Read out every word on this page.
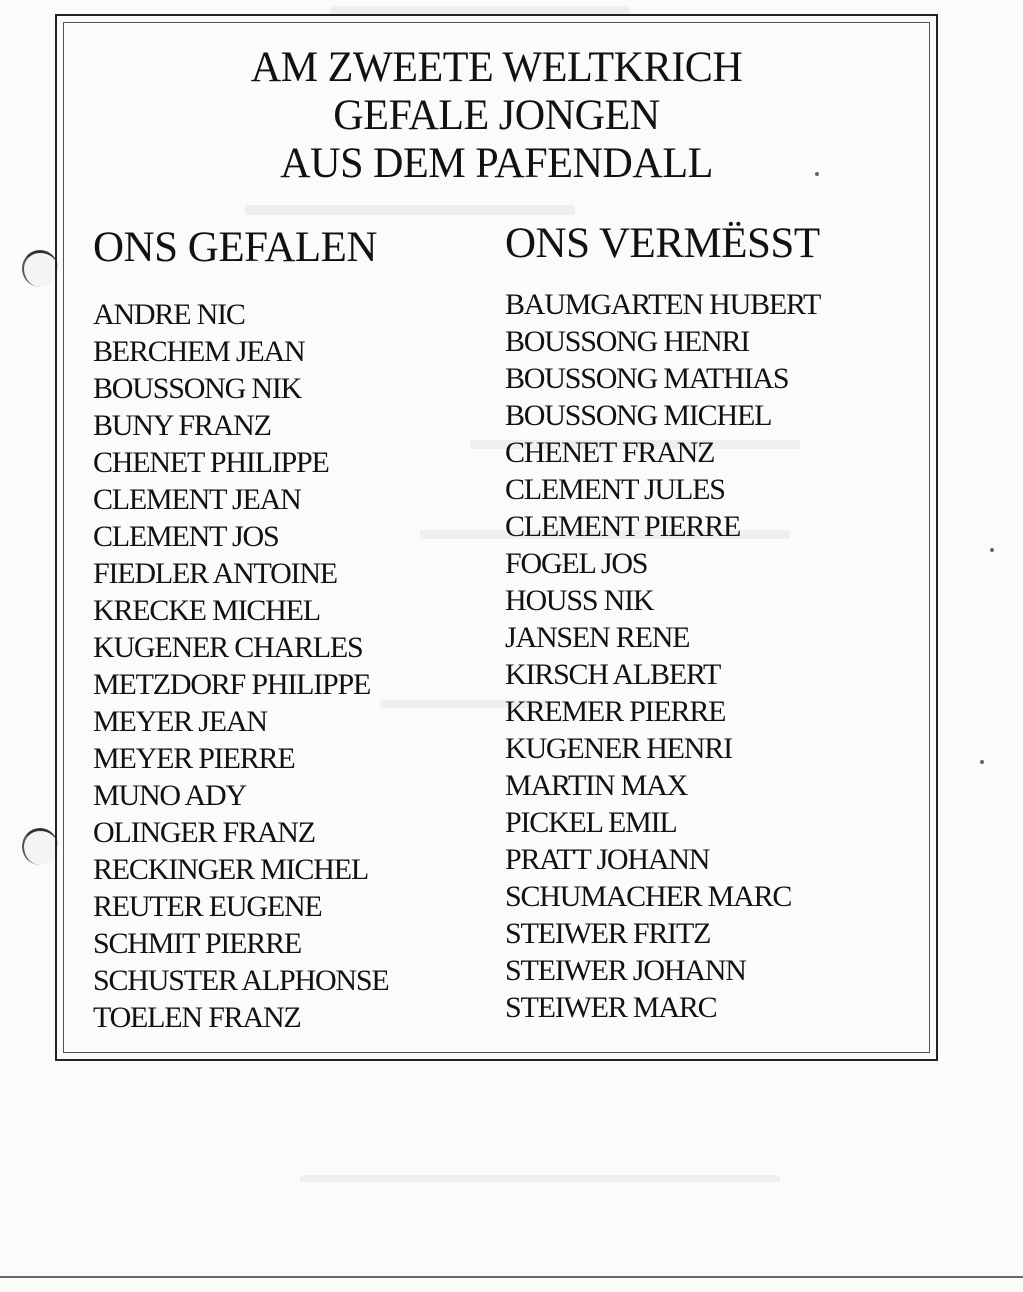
AM ZWEETE WELTKRICH
GEFALE JONGEN
AUS DEM PAFENDALL
ONS GEFALEN
ANDRE NIC
BERCHEM JEAN
BOUSSONG NIK
BUNY FRANZ
CHENET PHILIPPE
CLEMENT JEAN
CLEMENT JOS
FIEDLER ANTOINE
KRECKE MICHEL
KUGENER CHARLES
METZDORF PHILIPPE
MEYER JEAN
MEYER PIERRE
MUNO ADY
OLINGER FRANZ
RECKINGER MICHEL
REUTER EUGENE
SCHMIT PIERRE
SCHUSTER ALPHONSE
TOELEN FRANZ
ONS VERMËSST
BAUMGARTEN HUBERT
BOUSSONG HENRI
BOUSSONG MATHIAS
BOUSSONG MICHEL
CHENET FRANZ
CLEMENT JULES
CLEMENT PIERRE
FOGEL JOS
HOUSS NIK
JANSEN RENE
KIRSCH ALBERT
KREMER PIERRE
KUGENER HENRI
MARTIN MAX
PICKEL EMIL
PRATT JOHANN
SCHUMACHER MARC
STEIWER FRITZ
STEIWER JOHANN
STEIWER MARC
